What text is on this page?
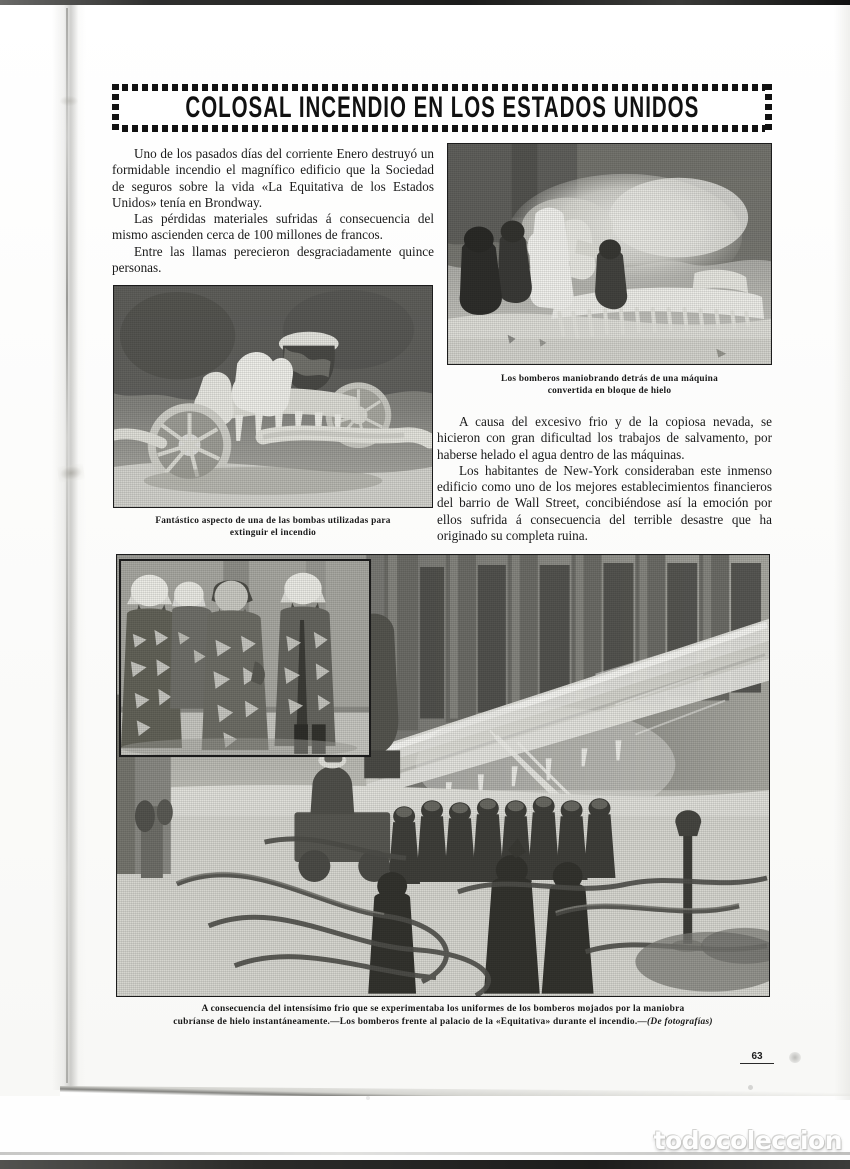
COLOSAL INCENDIO EN LOS ESTADOS UNIDOS

Uno de los pasados días del corriente Enero destruyó un formidable incendio el magnífico edificio que la Sociedad de seguros sobre la vida «La Equitativa de los Estados Unidos» tenía en Brondway.

Las pérdidas materiales sufridas á consecuencia del mismo ascienden cerca de 100 millones de francos.

Entre las llamas perecieron desgraciadamente quince personas.

Los bomberos maniobrando detrás de una máquina
convertida en bloque de hielo
Fantástico aspecto de una de las bombas utilizadas para
extinguir el incendio

A causa del excesivo frio y de la copiosa nevada, se hicieron con gran dificultad los trabajos de salvamento, por haberse helado el agua dentro de las máquinas.

Los habitantes de New-York consideraban este inmenso edificio como uno de los mejores establecimientos financieros del barrio de Wall Street, concibiéndose así la emoción por ellos sufrida á consecuencia del terrible desastre que ha originado su completa ruina.

A consecuencia del intensísimo frio que se experimentaba los uniformes de los bomberos mojados por la maniobra
cubríanse de hielo instantáneamente.—Los bomberos frente al palacio de la «Equitativa» durante el incendio.—(De fotografías)
63
todocoleccion
